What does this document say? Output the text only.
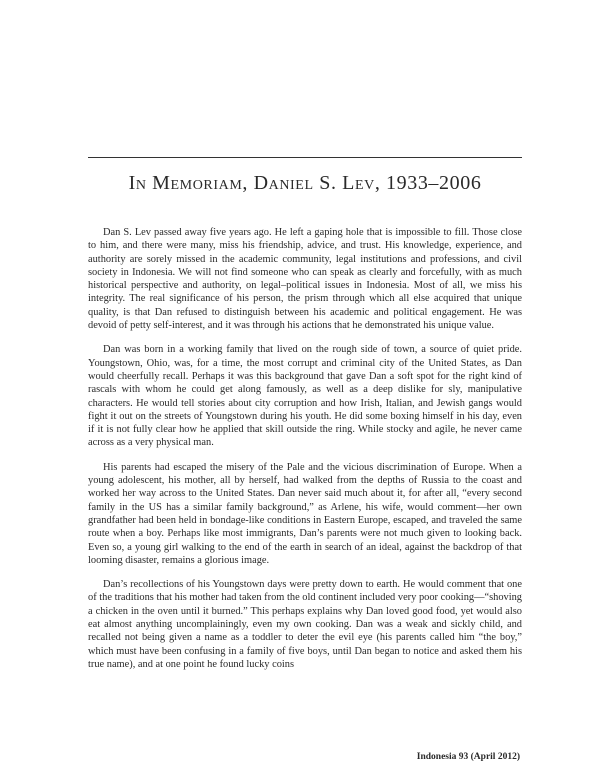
In Memoriam, Daniel S. Lev, 1933–2006

Dan S. Lev passed away five years ago. He left a gaping hole that is impossible to fill. Those close to him, and there were many, miss his friendship, advice, and trust. His knowledge, experience, and authority are sorely missed in the academic community, legal institutions and professions, and civil society in Indonesia. We will not find someone who can speak as clearly and forcefully, with as much historical perspective and authority, on legal–political issues in Indonesia. Most of all, we miss his integrity. The real significance of his person, the prism through which all else acquired that unique quality, is that Dan refused to distinguish between his academic and political engagement. He was devoid of petty self-interest, and it was through his actions that he demonstrated his unique value.

Dan was born in a working family that lived on the rough side of town, a source of quiet pride. Youngstown, Ohio, was, for a time, the most corrupt and criminal city of the United States, as Dan would cheerfully recall. Perhaps it was this background that gave Dan a soft spot for the right kind of rascals with whom he could get along famously, as well as a deep dislike for sly, manipulative characters. He would tell stories about city corruption and how Irish, Italian, and Jewish gangs would fight it out on the streets of Youngstown during his youth. He did some boxing himself in his day, even if it is not fully clear how he applied that skill outside the ring. While stocky and agile, he never came across as a very physical man.

His parents had escaped the misery of the Pale and the vicious discrimination of Europe. When a young adolescent, his mother, all by herself, had walked from the depths of Russia to the coast and worked her way across to the United States. Dan never said much about it, for after all, “every second family in the US has a similar family background,” as Arlene, his wife, would comment—her own grandfather had been held in bondage-like conditions in Eastern Europe, escaped, and traveled the same route when a boy. Perhaps like most immigrants, Dan’s parents were not much given to looking back. Even so, a young girl walking to the end of the earth in search of an ideal, against the backdrop of that looming disaster, remains a glorious image.

Dan’s recollections of his Youngstown days were pretty down to earth. He would comment that one of the traditions that his mother had taken from the old continent included very poor cooking—“shoving a chicken in the oven until it burned.” This perhaps explains why Dan loved good food, yet would also eat almost anything uncomplainingly, even my own cooking. Dan was a weak and sickly child, and recalled not being given a name as a toddler to deter the evil eye (his parents called him “the boy,” which must have been confusing in a family of five boys, until Dan began to notice and asked them his true name), and at one point he found lucky coins

Indonesia 93 (April 2012)
